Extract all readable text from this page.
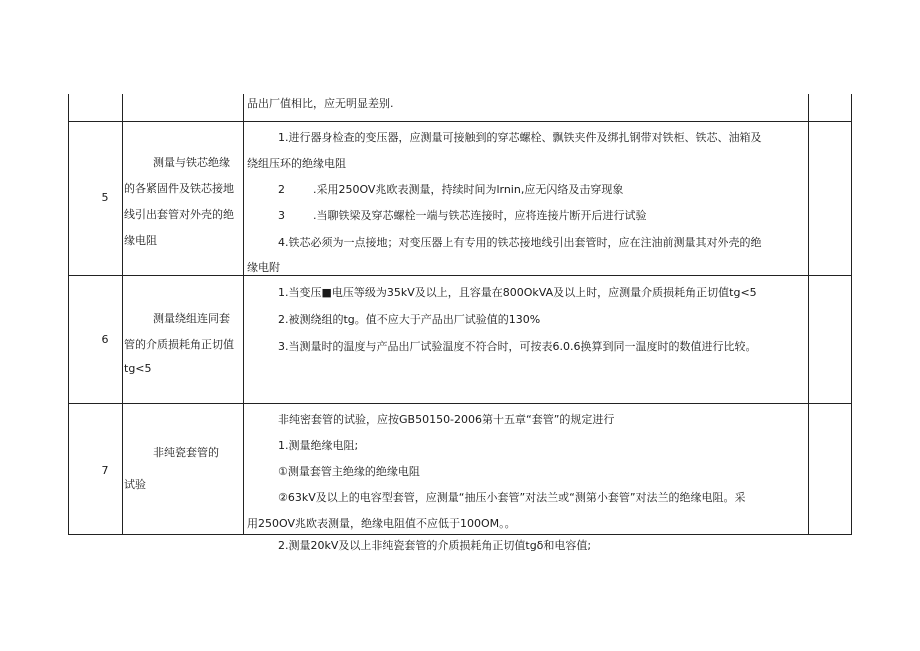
品出厂值相比，应无明显差别.
5
测量与铁芯绝缘
的各紧固件及铁芯接地
线引出套管对外壳的绝
缘电阻
1.进行器身检查的变压器，应测量可接触到的穿芯螺栓、飘铁夹件及绑扎钢带对铁柜、铁芯、油箱及
绕组压环的绝缘电阻
2        .采用250OV兆欧表测量，持续时间为lrnin,应无闪络及击穿现象
3        .当聊铁梁及穿芯螺栓一端与铁芯连接时，应将连接片断开后进行试验
4.铁芯必须为一点接地；对变压器上有专用的铁芯接地线引出套管时，应在注油前测量其对外壳的绝
缘电附
6
测量绕组连同套
管的介质损耗角正切值
tg<5
1.当变压■电压等级为35kV及以上，且容量在800OkVA及以上时，应测量介质损耗角正切值tg<5
2.被测绕组的tg。值不应大于产品出厂试验值的130%
3.当测量时的温度与产品出厂试验温度不符合时，可按表6.0.6换算到同一温度时的数值进行比较。
7
非纯瓷套管的
试验
非纯密套管的试验，应按GB50150-2006第十五章“套管”的规定进行
1.测量绝缘电阻;
①测量套管主绝缘的绝缘电阻
②63kV及以上的电容型套管，应测量“抽压小套管”对法兰或“测第小套管”对法兰的绝缘电阻。采
用250OV兆欧表测量，绝缘电阻值不应低于100OM。。
2.测量20kV及以上非纯瓷套管的介质损耗角正切值tgδ和电容值;
